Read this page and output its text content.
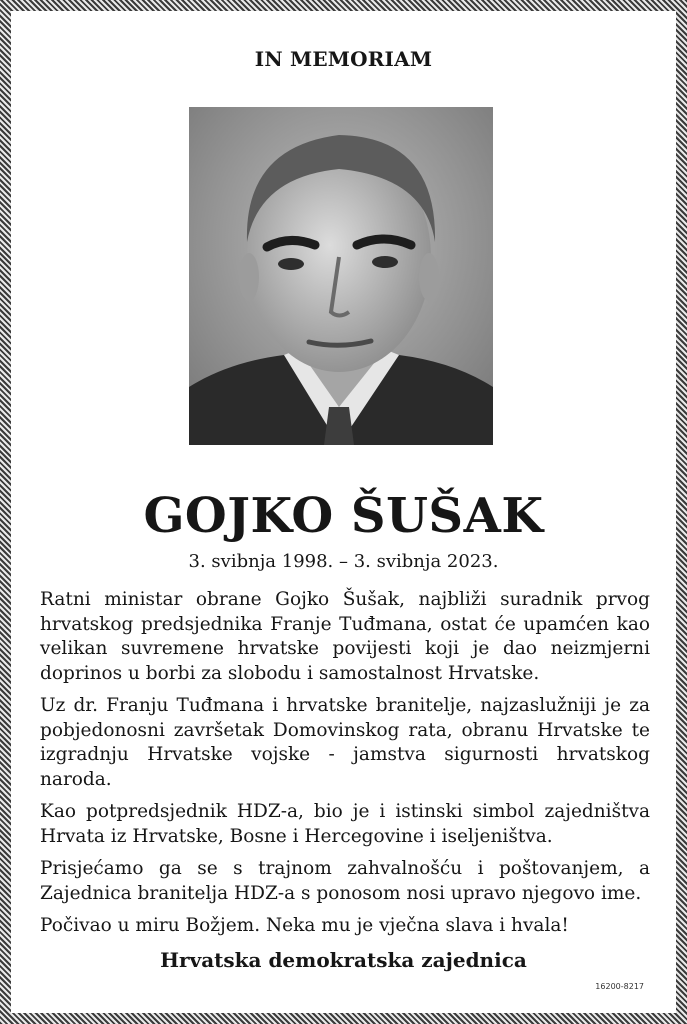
IN MEMORIAM
GOJKO ŠUŠAK
3. svibnja 1998. – 3. svibnja 2023.

Ratni ministar obrane Gojko Šušak, najbliži suradnik prvog hrvatskog predsjednika Franje Tuđmana, ostat će upamćen kao velikan suvremene hrvatske povijesti koji je dao neizmjerni doprinos u borbi za slobodu i samostalnost Hrvatske.

Uz dr. Franju Tuđmana i hrvatske branitelje, najzaslužniji je za pobjedonosni završetak Domovinskog rata, obranu Hrvatske te izgradnju Hrvatske vojske - jamstva sigurnosti hrvatskog naroda.

Kao potpredsjednik HDZ-a, bio je i istinski simbol zajedništva Hrvata iz Hrvatske, Bosne i Hercegovine i iseljeništva.

Prisjećamo ga se s trajnom zahvalnošću i poštovanjem, a Zajednica branitelja HDZ-a s ponosom nosi upravo njegovo ime.

Počivao u miru Božjem. Neka mu je vječna slava i hvala!

Hrvatska demokratska zajednica
16200-8217
